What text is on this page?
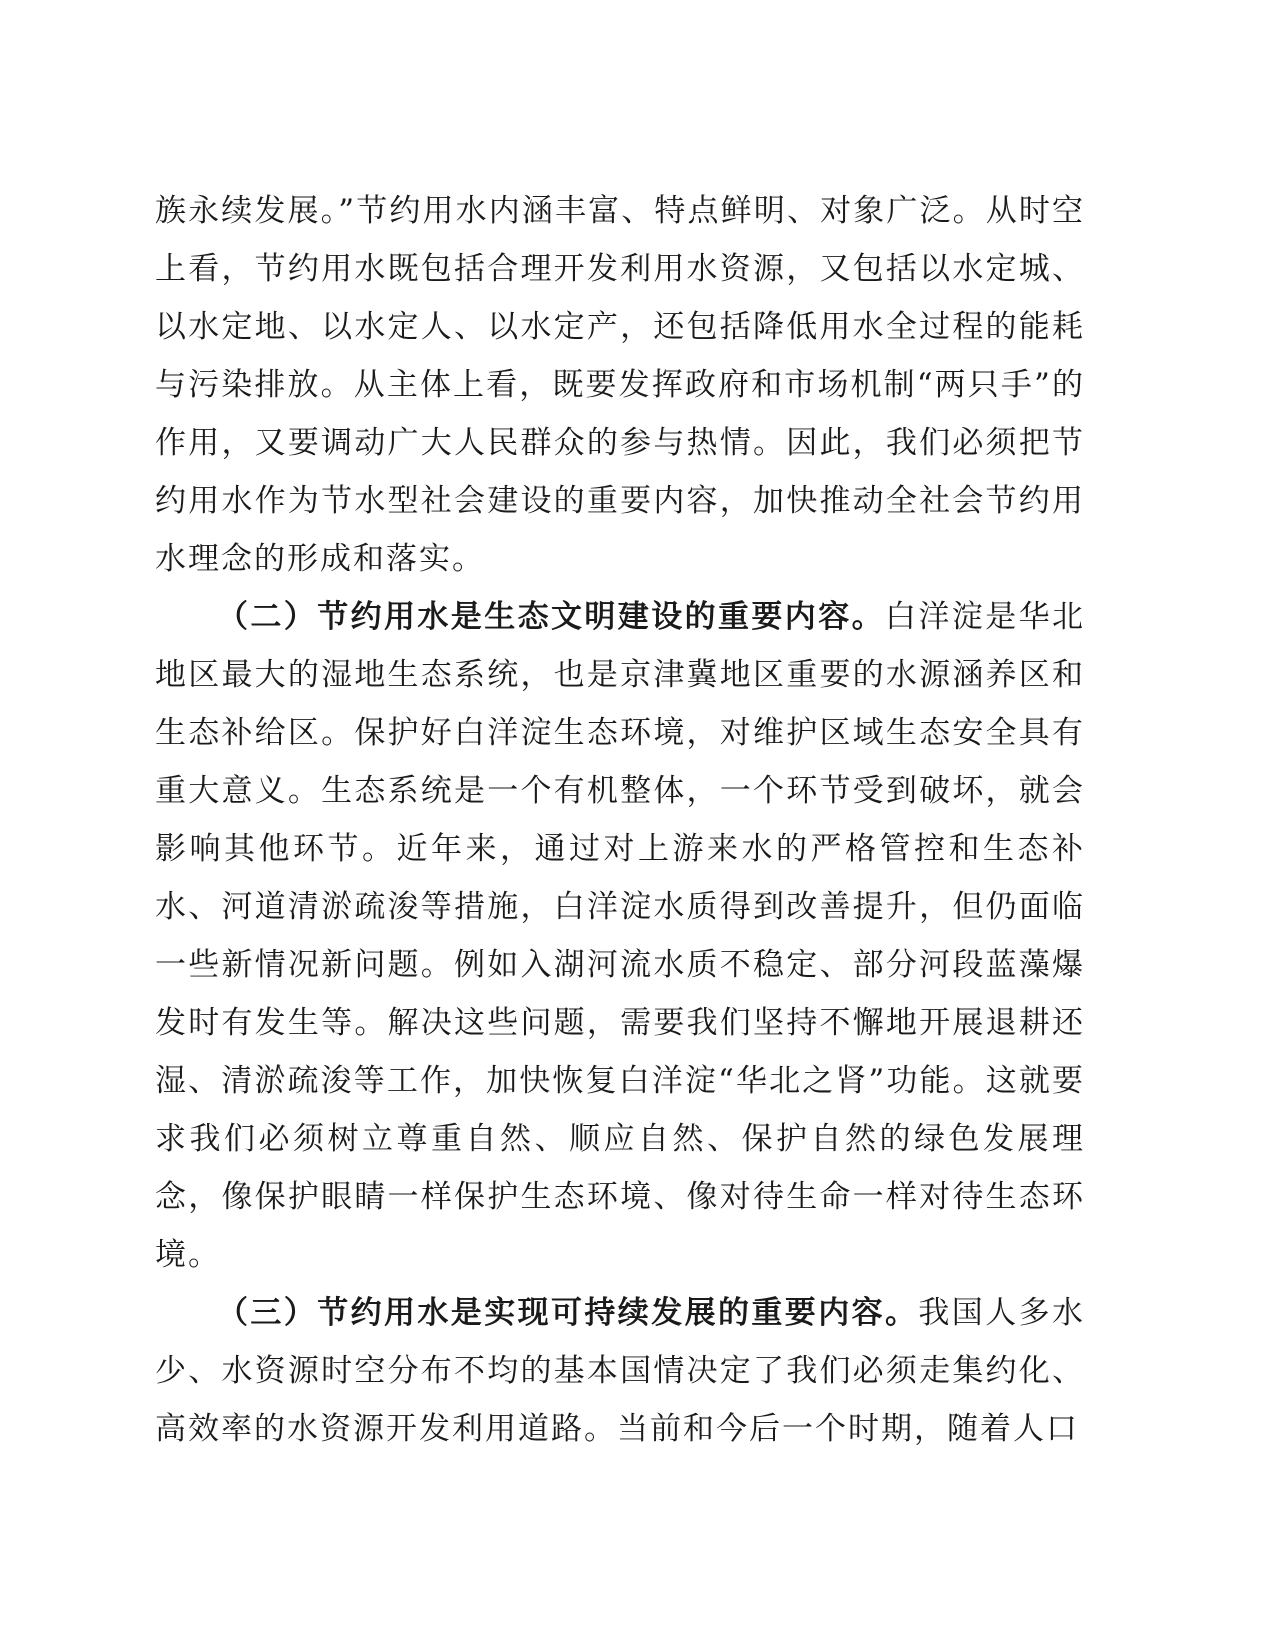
族永续发展。”节约用水内涵丰富、特点鲜明、对象广泛。从时空上看，节约用水既包括合理开发利用水资源，又包括以水定城、以水定地、以水定人、以水定产，还包括降低用水全过程的能耗与污染排放。从主体上看，既要发挥政府和市场机制“两只手”的作用，又要调动广大人民群众的参与热情。因此，我们必须把节约用水作为节水型社会建设的重要内容，加快推动全社会节约用水理念的形成和落实。

（二）节约用水是生态文明建设的重要内容。白洋淀是华北地区最大的湿地生态系统，也是京津冀地区重要的水源涵养区和生态补给区。保护好白洋淀生态环境，对维护区域生态安全具有重大意义。生态系统是一个有机整体，一个环节受到破坏，就会影响其他环节。近年来，通过对上游来水的严格管控和生态补水、河道清淤疏浚等措施，白洋淀水质得到改善提升，但仍面临一些新情况新问题。例如入湖河流水质不稳定、部分河段蓝藻爆发时有发生等。解决这些问题，需要我们坚持不懈地开展退耕还湿、清淤疏浚等工作，加快恢复白洋淀“华北之肾”功能。这就要求我们必须树立尊重自然、顺应自然、保护自然的绿色发展理念，像保护眼睛一样保护生态环境、像对待生命一样对待生态环境。

（三）节约用水是实现可持续发展的重要内容。我国人多水少、水资源时空分布不均的基本国情决定了我们必须走集约化、高效率的水资源开发利用道路。当前和今后一个时期，随着人口
